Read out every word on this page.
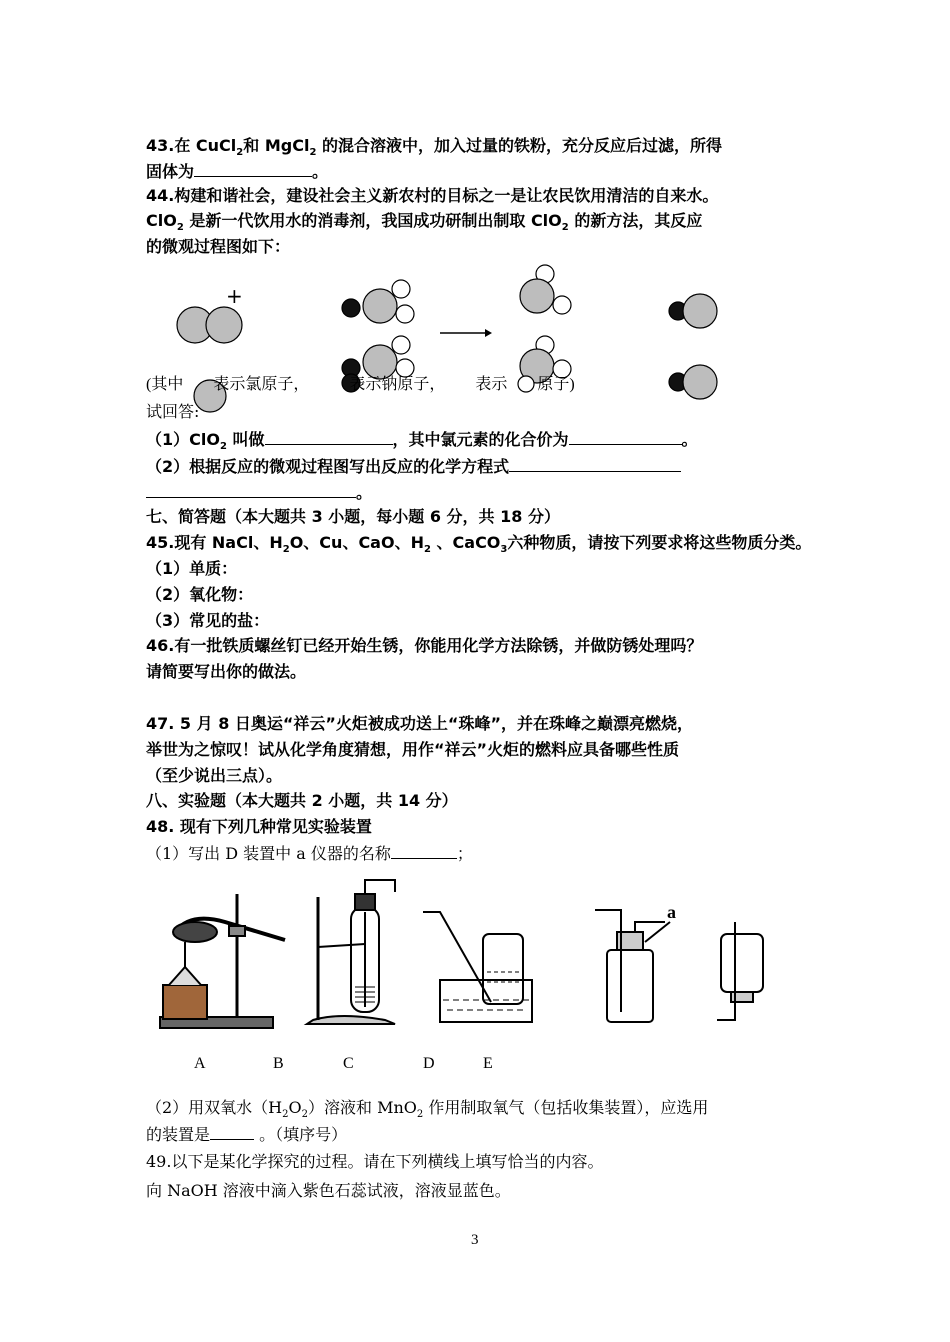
43.在 CuCl$_2$和 MgCl$_2$ 的混合溶液中，加入过量的铁粉，充分反应后过滤，所得
固体为	。
44.构建和谐社会，建设社会主义新农村的目标之一是让农民饮用清洁的自来水。
ClO$_2$ 是新一代饮用水的消毒剂，我国成功研制出制取 ClO$_2$ 的新方法，其反应
的微观过程图如下：
+
(其中 表示氯原子，	表示钠原子， 表示 原子)
试回答:
（1）ClO$_2$ 叫做	，其中氯元素的化合价为	。
（2）根据反应的微观过程图写出反应的化学方程式
。
七、简答题（本大题共 3 小题，每小题 6 分，共 18 分）
45.现有 NaCl、$H_2O$、Cu、CaO、$H_2$ 、CaCO$_3$六种物质，请按下列要求将这些物质分类。
（1）单质：
（2）氧化物：
（3）常见的盐：
46.有一批铁质螺丝钉已经开始生锈，你能用化学方法除锈，并做防锈处理吗？
请简要写出你的做法。
47. 5 月 8 日奥运“祥云”火炬被成功送上“珠峰”，并在珠峰之巅漂亮燃烧，
举世为之惊叹！试从化学角度猜想，用作“祥云”火炬的燃料应具备哪些性质
（至少说出三点）。
八、实验题（本大题共 2 小题，共 14 分）
48. 现有下列几种常见实验装置
（1）写出 D 装置中 a 仪器的名称	；
a
A	B	C	D	E
（2）用双氧水$(H_2O_2)$溶液和 MnO$_2$ 作用制取氧气（包括收集装置），应选用
的装置是	。（填序号）
49.以下是某化学探究的过程。请在下列横线上填写恰当的内容。
向 NaOH 溶液中滴入紫色石蕊试液，溶液显蓝色。
3
